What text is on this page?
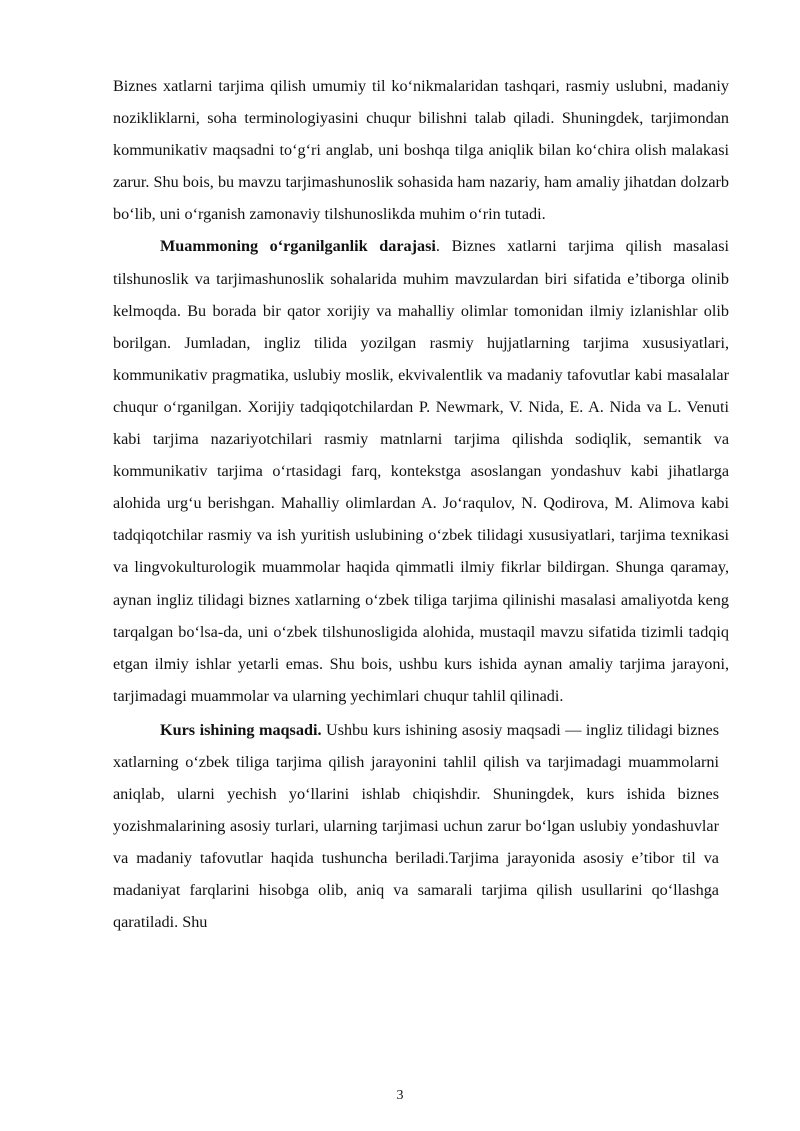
Biznes xatlarni tarjima qilish umumiy til ko‘nikmalaridan tashqari, rasmiy uslubni, madaniy nozikliklarni, soha terminologiyasini chuqur bilishni talab qiladi. Shuningdek, tarjimondan kommunikativ maqsadni to‘g‘ri anglab, uni boshqa tilga aniqlik bilan ko‘chira olish malakasi zarur. Shu bois, bu mavzu tarjimashunoslik sohasida ham nazariy, ham amaliy jihatdan dolzarb bo‘lib, uni o‘rganish zamonaviy tilshunoslikda muhim o‘rin tutadi.

Muammoning o‘rganilganlik darajasi. Biznes xatlarni tarjima qilish masalasi tilshunoslik va tarjimashunoslik sohalarida muhim mavzulardan biri sifatida e’tiborga olinib kelmoqda. Bu borada bir qator xorijiy va mahalliy olimlar tomonidan ilmiy izlanishlar olib borilgan. Jumladan, ingliz tilida yozilgan rasmiy hujjatlarning tarjima xususiyatlari, kommunikativ pragmatika, uslubiy moslik, ekvivalentlik va madaniy tafovutlar kabi masalalar chuqur o‘rganilgan. Xorijiy tadqiqotchilardan P. Newmark, V. Nida, E. A. Nida va L. Venuti kabi tarjima nazariyotchilari rasmiy matnlarni tarjima qilishda sodiqlik, semantik va kommunikativ tarjima o‘rtasidagi farq, kontekstga asoslangan yondashuv kabi jihatlarga alohida urg‘u berishgan. Mahalliy olimlardan A. Jo‘raqulov, N. Qodirova, M. Alimova kabi tadqiqotchilar rasmiy va ish yuritish uslubining o‘zbek tilidagi xususiyatlari, tarjima texnikasi va lingvokulturologik muammolar haqida qimmatli ilmiy fikrlar bildirgan. Shunga qaramay, aynan ingliz tilidagi biznes xatlarning o‘zbek tiliga tarjima qilinishi masalasi amaliyotda keng tarqalgan bo‘lsa-da, uni o‘zbek tilshunosligida alohida, mustaqil mavzu sifatida tizimli tadqiq etgan ilmiy ishlar yetarli emas. Shu bois, ushbu kurs ishida aynan amaliy tarjima jarayoni, tarjimadagi muammolar va ularning yechimlari chuqur tahlil qilinadi.

Kurs ishining maqsadi. Ushbu kurs ishining asosiy maqsadi — ingliz tilidagi biznes xatlarning o‘zbek tiliga tarjima qilish jarayonini tahlil qilish va tarjimadagi muammolarni aniqlab, ularni yechish yo‘llarini ishlab chiqishdir. Shuningdek, kurs ishida biznes yozishmalarining asosiy turlari, ularning tarjimasi uchun zarur bo‘lgan uslubiy yondashuvlar va madaniy tafovutlar haqida tushuncha beriladi.Tarjima jarayonida asosiy e’tibor til va madaniyat farqlarini hisobga olib, aniq va samarali tarjima qilish usullarini qo‘llashga qaratiladi. Shu

3
